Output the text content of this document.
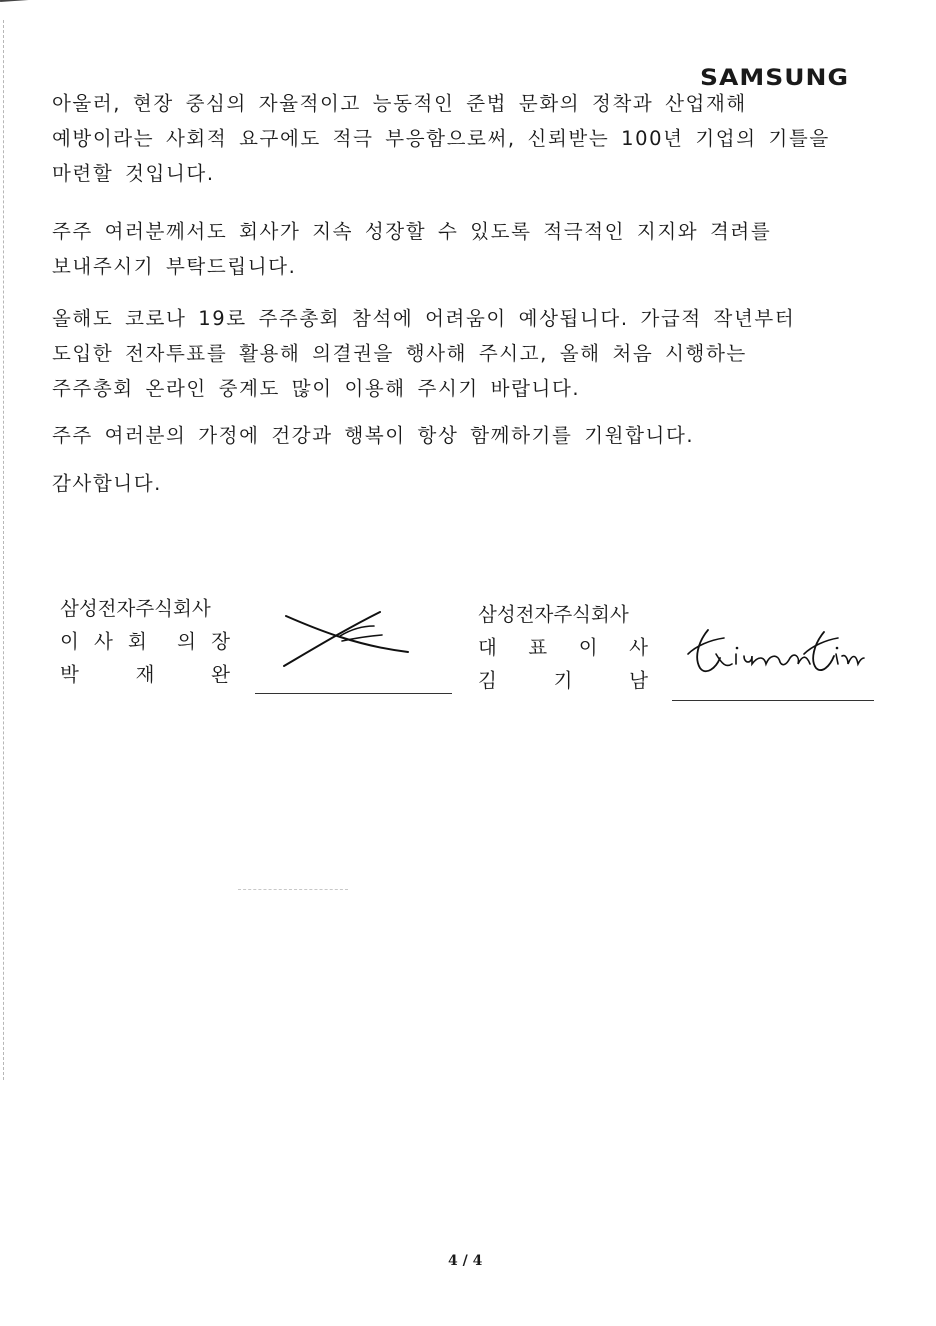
SAMSUNG

아울러, 현장 중심의 자율적이고 능동적인 준법 문화의 정착과 산업재해
예방이라는 사회적 요구에도 적극 부응함으로써, 신뢰받는 100년 기업의 기틀을
마련할 것입니다.

주주 여러분께서도 회사가 지속 성장할 수 있도록 적극적인 지지와 격려를
보내주시기 부탁드립니다.

올해도 코로나 19로 주주총회 참석에 어려움이 예상됩니다. 가급적 작년부터
도입한 전자투표를 활용해 의결권을 행사해 주시고, 올해 처음 시행하는
주주총회 온라인 중계도 많이 이용해 주시기 바랍니다.

주주 여러분의 가정에 건강과 행복이 항상 함께하기를 기원합니다.

감사합니다.

삼성전자주식회사
이 사 회 의 장
박	재	완
삼성전자주식회사
대 표 이 사
김	기	남
4 / 4
